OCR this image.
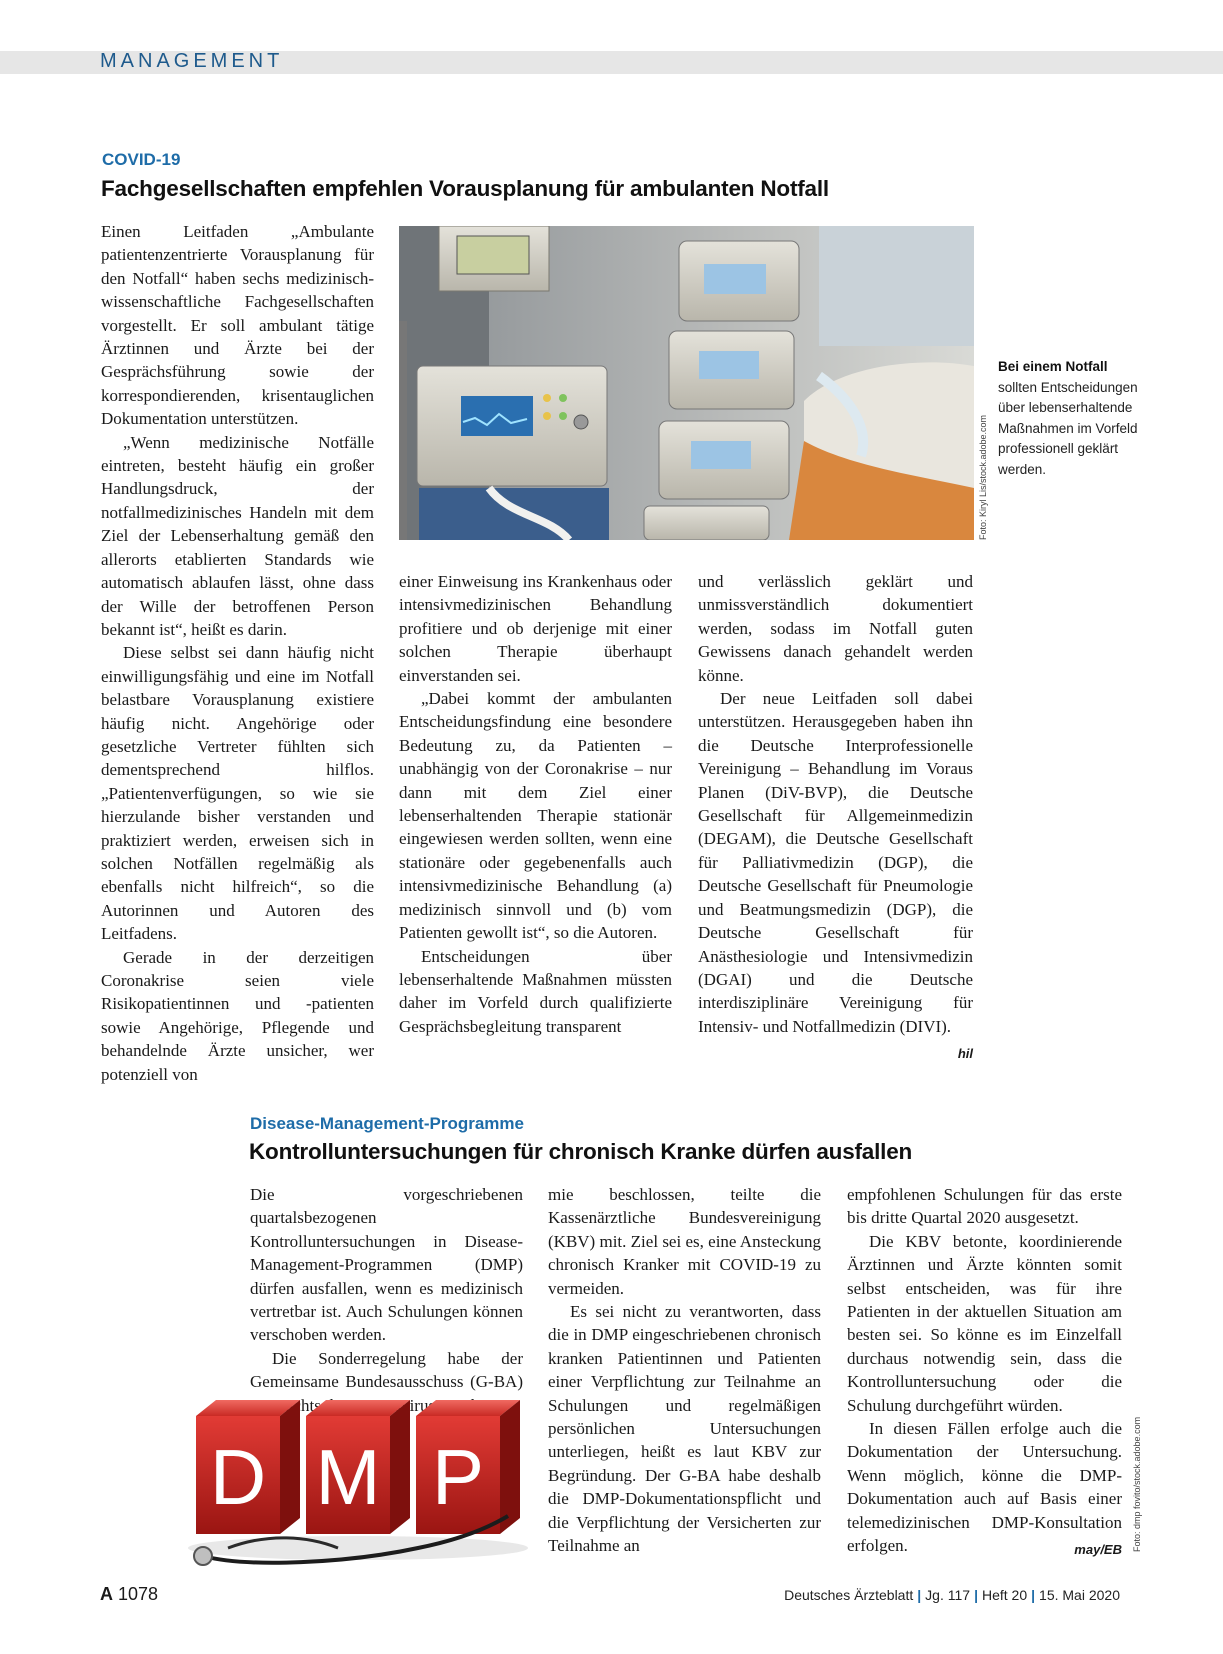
MANAGEMENT
COVID-19
Fachgesellschaften empfehlen Vorausplanung für ambulanten Notfall

Einen Leitfaden „Ambulante patientenzentrierte Vorausplanung für den Notfall“ haben sechs medizinisch-wissenschaftliche Fachgesellschaften vorgestellt. Er soll ambulant tätige Ärztinnen und Ärzte bei der Gesprächsführung sowie der korrespondierenden, krisentauglichen Dokumentation unterstützen.

„Wenn medizinische Notfälle eintreten, besteht häufig ein großer Handlungsdruck, der notfallmedizinisches Handeln mit dem Ziel der Lebenserhaltung gemäß den allerorts etablierten Standards wie automatisch ablaufen lässt, ohne dass der Wille der betroffenen Person bekannt ist“, heißt es darin.

Diese selbst sei dann häufig nicht einwilligungsfähig und eine im Notfall belastbare Vorausplanung existiere häufig nicht. Angehörige oder gesetzliche Vertreter fühlten sich dementsprechend hilflos. „Patientenverfügungen, so wie sie hierzulande bisher verstanden und praktiziert werden, erweisen sich in solchen Notfällen regelmäßig als ebenfalls nicht hilfreich“, so die Autorinnen und Autoren des Leitfadens.

Gerade in der derzeitigen Coronakrise seien viele Risikopatientinnen und -patienten sowie Angehörige, Pflegende und behandelnde Ärzte unsicher, wer potenziell von

Foto: Kiryl Lis/stock.adobe.com
Bei einem Notfall
sollten Entscheidungen über lebenserhaltende Maßnahmen im Vorfeld professionell geklärt werden.

einer Einweisung ins Krankenhaus oder intensivmedizinischen Behandlung profitiere und ob derjenige mit einer solchen Therapie überhaupt einverstanden sei.

„Dabei kommt der ambulanten Entscheidungsfindung eine besondere Bedeutung zu, da Patienten – unabhängig von der Coronakrise – nur dann mit dem Ziel einer lebenserhaltenden Therapie stationär eingewiesen werden sollten, wenn eine stationäre oder gegebenenfalls auch intensivmedizinische Behandlung (a) medizinisch sinnvoll und (b) vom Patienten gewollt ist“, so die Autoren.

Entscheidungen über lebenserhaltende Maßnahmen müssten daher im Vorfeld durch qualifizierte Gesprächsbegleitung transparent

und verlässlich geklärt und unmissverständlich dokumentiert werden, sodass im Notfall guten Gewissens danach gehandelt werden könne.

Der neue Leitfaden soll dabei unterstützen. Herausgegeben haben ihn die Deutsche Interprofessionelle Vereinigung – Behandlung im Voraus Planen (DiV-BVP), die Deutsche Gesellschaft für Allgemeinmedizin (DEGAM), die Deutsche Gesellschaft für Palliativmedizin (DGP), die Deutsche Gesellschaft für Pneumologie und Beatmungsmedizin (DGP), die Deutsche Gesellschaft für Anästhesiologie und Intensivmedizin (DGAI) und die Deutsche interdisziplinäre Vereinigung für Intensiv- und Notfallmedizin (DIVI).
hil

Disease-Management-Programme
Kontrolluntersuchungen für chronisch Kranke dürfen ausfallen

Die vorgeschriebenen quartalsbezogenen Kontrolluntersuchungen in Disease-Management-Programmen (DMP) dürfen ausfallen, wenn es medizinisch vertretbar ist. Auch Schulungen können verschoben werden.

Die Sonderregelung habe der Gemeinsame Bundesausschuss (G-BA) Coronavirus-Pande-

D M P

mie beschlossen, teilte die Kassenärztliche Bundesvereinigung (KBV) mit. Ziel sei es, eine Ansteckung chronisch Kranker mit COVID-19 zu vermeiden.

Es sei nicht zu verantworten, dass die in DMP eingeschriebenen chronisch kranken Patientinnen und Patienten einer Verpflichtung zur Teilnahme an Schulungen und regelmäßigen persönlichen Untersuchungen unterliegen, heißt es laut KBV zur Begründung. Der G-BA habe deshalb die DMP-Dokumentationspflicht und die Verpflichtung der Versicherten zur Teilnahme an

empfohlenen Schulungen für das erste bis dritte Quartal 2020 ausgesetzt.

Die KBV betonte, koordinierende Ärztinnen und Ärzte könnten somit selbst entscheiden, was für ihre Patienten in der aktuellen Situation am besten sei. So könne es im Einzelfall durchaus notwendig sein, dass die Kontrolluntersuchung oder die Schulung durchgeführt würden.

In diesen Fällen erfolge auch die Dokumentation der Untersuchung. Wenn möglich, könne die DMP-Dokumentation auch auf Basis einer telemedizinischen DMP-Konsultation erfolgen.	may/EB Foto: dmp fovito/stock.adobe.com
A 1078	Deutsches Ärzteblatt | Jg. 117 | Heft 20 | 15. Mai 2020
